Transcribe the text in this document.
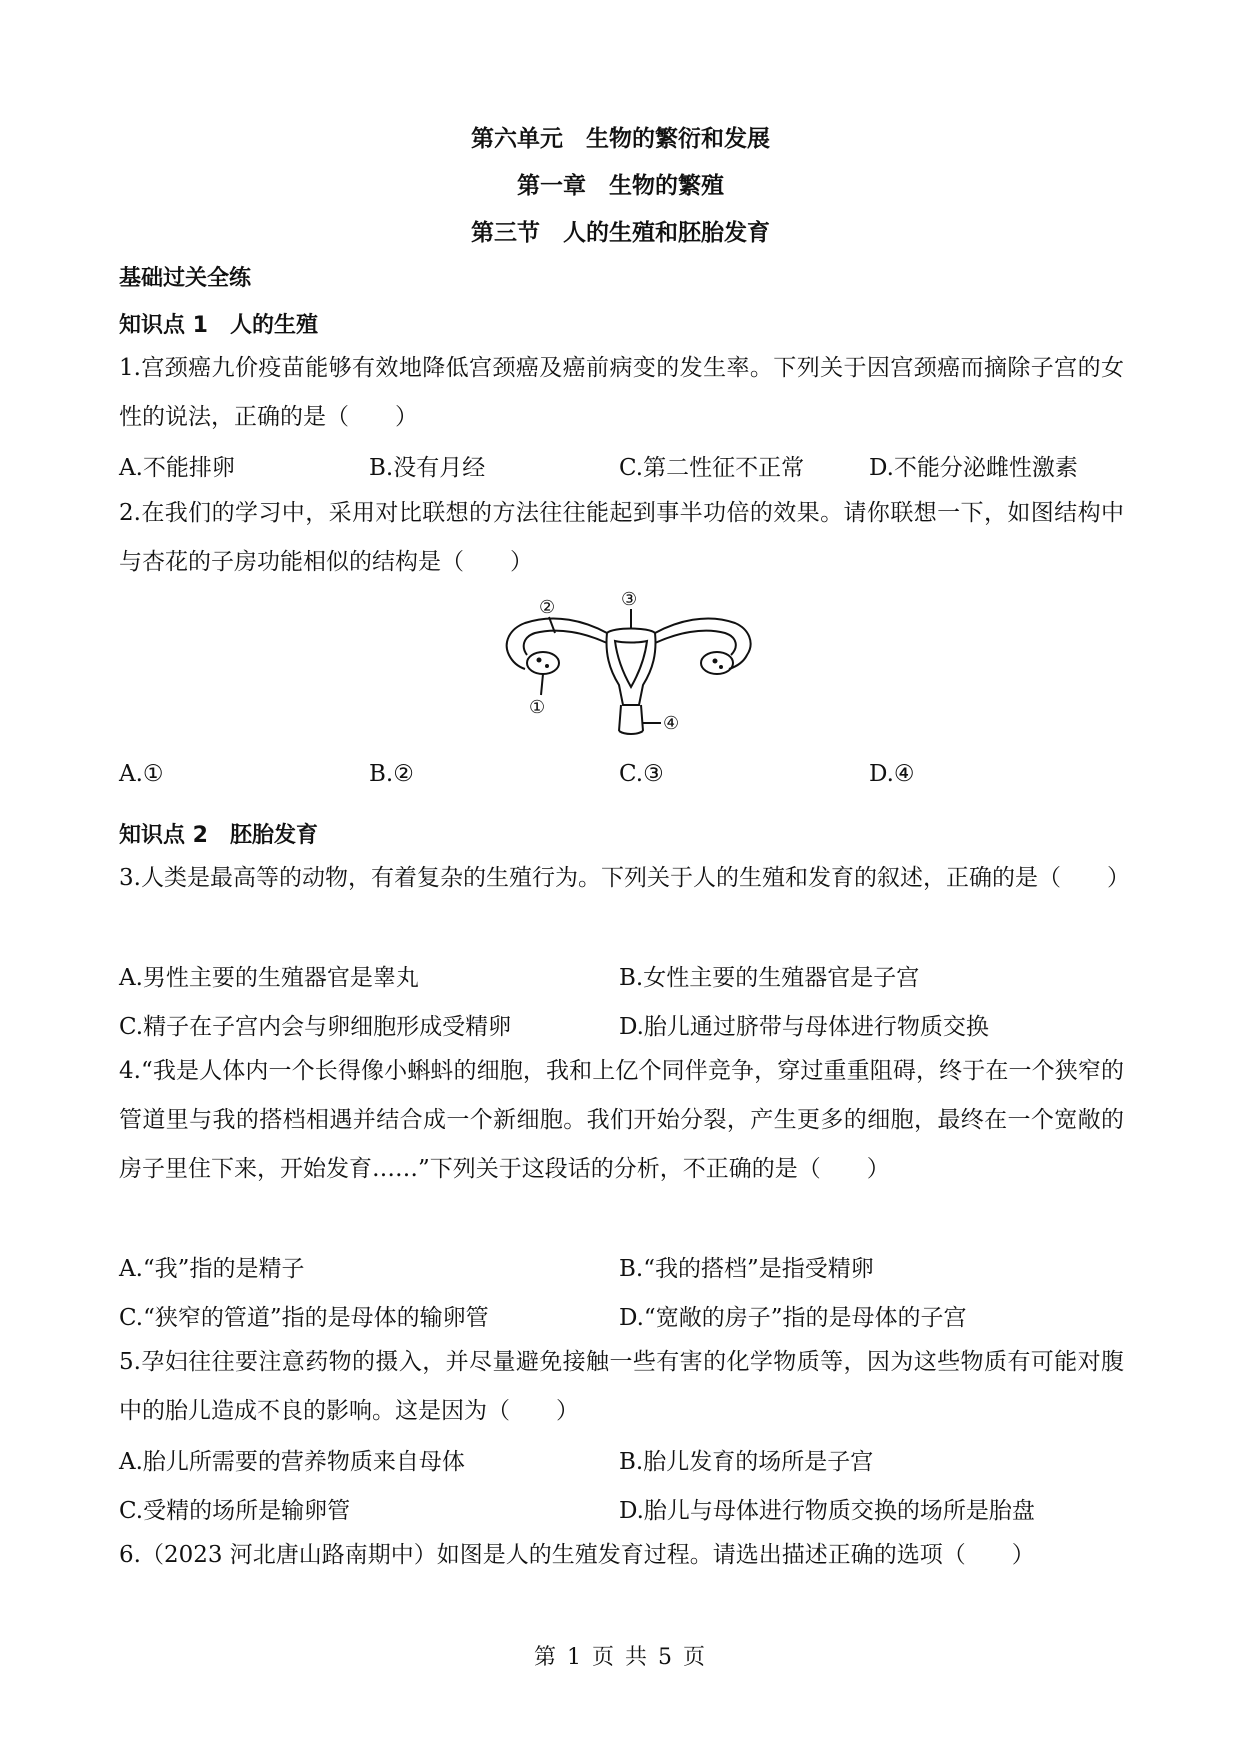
第六单元　生物的繁衍和发展
第一章　生物的繁殖
第三节　人的生殖和胚胎发育
基础过关全练
知识点 1　人的生殖
1.宫颈癌九价疫苗能够有效地降低宫颈癌及癌前病变的发生率。下列关于因宫颈癌而摘除子宫的女性的说法，正确的是（　　）
A.不能排卵	B.没有月经	C.第二性征不正常	D.不能分泌雌性激素
2.在我们的学习中，采用对比联想的方法往往能起到事半功倍的效果。请你联想一下，如图结构中与杏花的子房功能相似的结构是（　　）
②	③
①
④
A.①	B.②	C.③	D.④
知识点 2　胚胎发育
3.人类是最高等的动物，有着复杂的生殖行为。下列关于人的生殖和发育的叙述，正确的是（　　）
A.男性主要的生殖器官是睾丸	B.女性主要的生殖器官是子宫
C.精子在子宫内会与卵细胞形成受精卵	D.胎儿通过脐带与母体进行物质交换
4.“我是人体内一个长得像小蝌蚪的细胞，我和上亿个同伴竞争，穿过重重阻碍，终于在一个狭窄的管道里与我的搭档相遇并结合成一个新细胞。我们开始分裂，产生更多的细胞，最终在一个宽敞的房子里住下来，开始发育……”下列关于这段话的分析，不正确的是（　　）
A.“我”指的是精子	B.“我的搭档”是指受精卵
C.“狭窄的管道”指的是母体的输卵管	D.“宽敞的房子”指的是母体的子宫
5.孕妇往往要注意药物的摄入，并尽量避免接触一些有害的化学物质等，因为这些物质有可能对腹中的胎儿造成不良的影响。这是因为（　　）
A.胎儿所需要的营养物质来自母体	B.胎儿发育的场所是子宫
C.受精的场所是输卵管	D.胎儿与母体进行物质交换的场所是胎盘
6.（2023 河北唐山路南期中）如图是人的生殖发育过程。请选出描述正确的选项（　　）
第 1 页 共 5 页
